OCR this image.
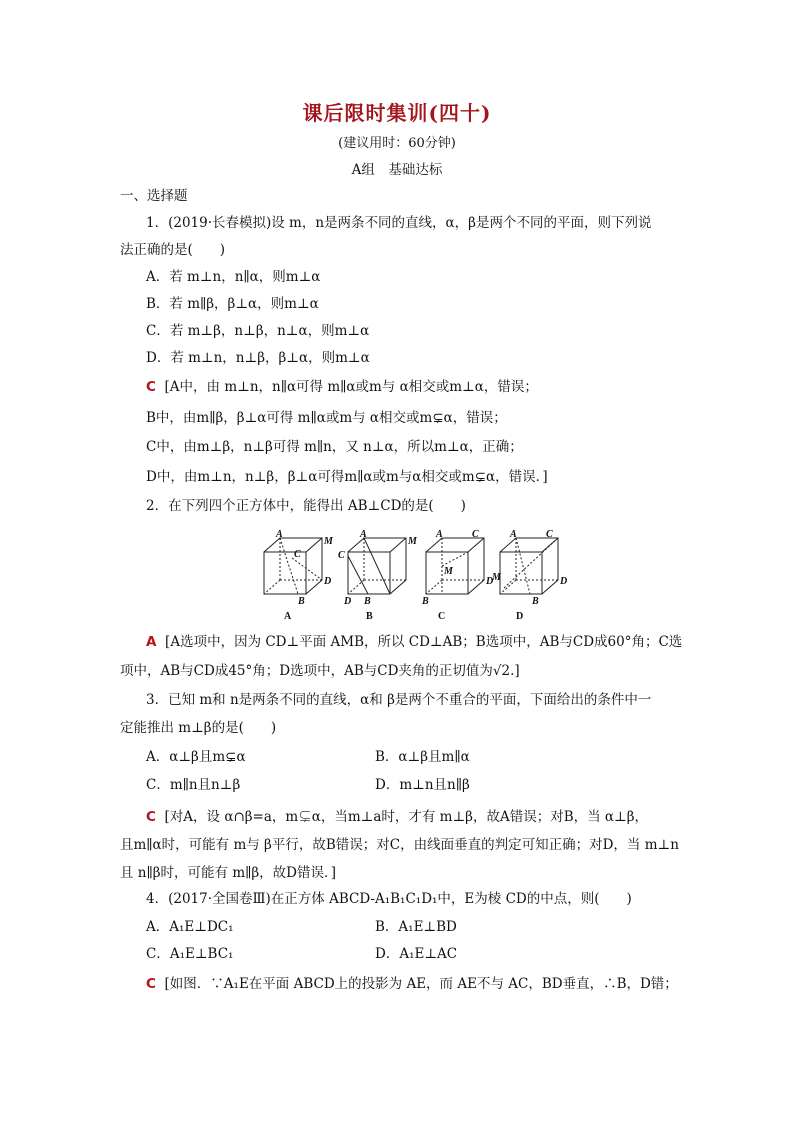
课后限时集训(四十)
(建议用时：60分钟)
A组　基础达标
一、选择题
1．(2019·长春模拟)设 m，n是两条不同的直线，α，β是两个不同的平面，则下列说
法正确的是(　　)
A．若 m⊥n，n∥α，则m⊥α
B．若 m∥β，β⊥α，则m⊥α
C．若 m⊥β，n⊥β，n⊥α，则m⊥α
D．若 m⊥n，n⊥β，β⊥α，则m⊥α
C [A中，由 m⊥n，n∥α可得 m∥α或m与 α相交或m⊥α，错误；
B中，由m∥β，β⊥α可得 m∥α或m与 α相交或m⊊α，错误；
C中，由m⊥β，n⊥β可得 m∥n，又 n⊥α，所以m⊥α，正确；
D中，由m⊥n，n⊥β，β⊥α可得m∥α或m与α相交或m⊊α，错误．]
2．在下列四个正方体中，能得出 AB⊥CD的是(　　)
A
C
M
D
B
A
A
C
M
D B
B
A	C
M
D
B
C
A	C
M	D
B
D
A [A选项中，因为 CD⊥平面 AMB，所以 CD⊥AB；B选项中，AB与CD成60°角；C选
项中，AB与CD成45°角；D选项中，AB与CD夹角的正切值为√2.]
3．已知 m和 n是两条不同的直线，α和 β是两个不重合的平面，下面给出的条件中一
定能推出 m⊥β的是(　　)
A．α⊥β且m⊊α	B．α⊥β且m∥α
C．m∥n且n⊥β	D．m⊥n且n∥β
C [对A，设 α∩β=a，m⊊α，当m⊥a时，才有 m⊥β，故A错误；对B，当 α⊥β，
且m∥α时，可能有 m与 β平行，故B错误；对C，由线面垂直的判定可知正确；对D，当 m⊥n
且 n∥β时，可能有 m∥β，故D错误．]
4．(2017·全国卷Ⅲ)在正方体 ABCD-A₁B₁C₁D₁中，E为棱 CD的中点，则(　　)
A．A₁E⊥DC₁	B．A₁E⊥BD
C．A₁E⊥BC₁	D．A₁E⊥AC
C [如图．∵A₁E在平面 ABCD上的投影为 AE，而 AE不与 AC，BD垂直，∴B，D错；
